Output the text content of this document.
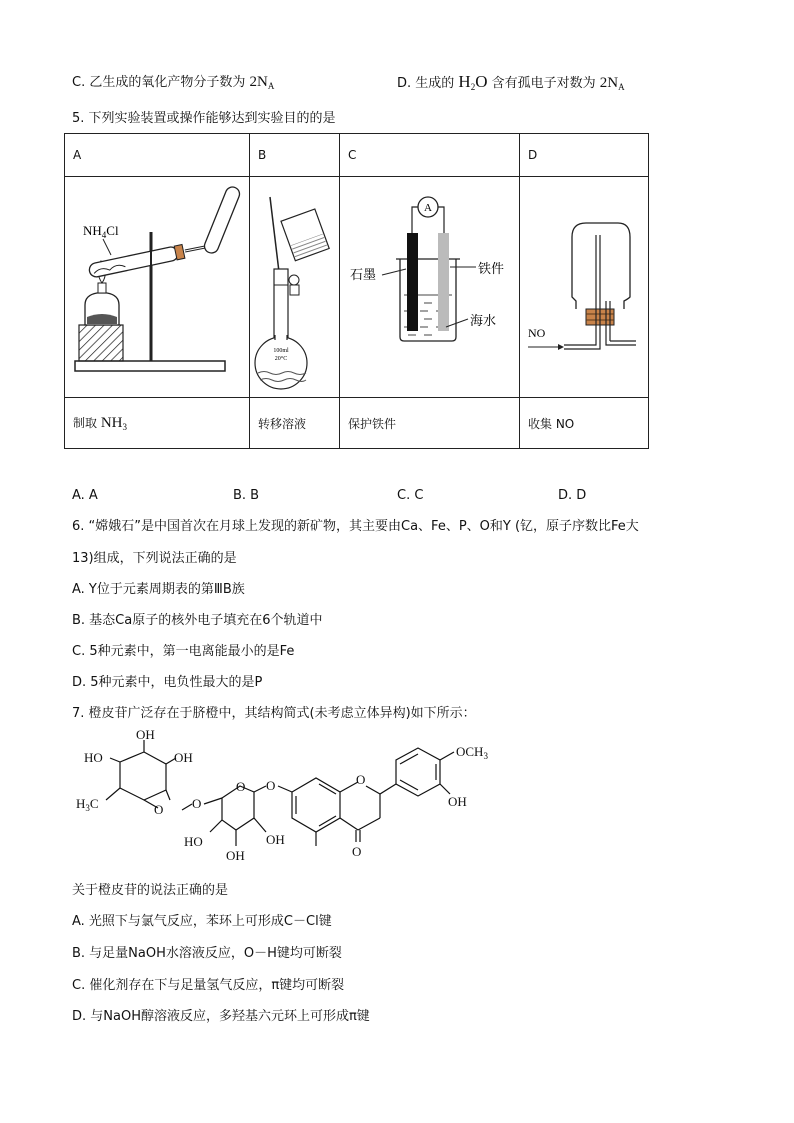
C. 乙生成的氧化产物分子数为 $2N_A$	D. 生成的 $H_2O$ 含有孤电子对数为 $2N_A$
5. 下列实验装置或操作能够达到实验目的的是
A	B	C	D

$NH_4Cl$	100ml
20°C	A
石墨 铁件
海水	NO

制取 $NH_3$	转移溶液	保护铁件	收集 NO
A. A	B. B	C. C	D. D
6. “嫦娥石”是中国首次在月球上发现的新矿物，其主要由Ca、Fe、P、O和Y (钇，原子序数比Fe大
13)组成，下列说法正确的是
A. Y位于元素周期表的第ⅢB族
B. 基态Ca原子的核外电子填充在6个轨道中
C. 5种元素中，第一电离能最小的是Fe
D. 5种元素中，电负性最大的是P
7. 橙皮苷广泛存在于脐橙中，其结构简式(未考虑立体异构)如下所示：
OH
HO	OH
$H_3C$	O O
O O	O
O
HO
OH
OH
$OCH_3$
OH
关于橙皮苷的说法正确的是
A. 光照下与氯气反应，苯环上可形成C－Cl键
B. 与足量NaOH水溶液反应，O－H键均可断裂
C. 催化剂存在下与足量氢气反应，π键均可断裂
D. 与NaOH醇溶液反应，多羟基六元环上可形成π键
